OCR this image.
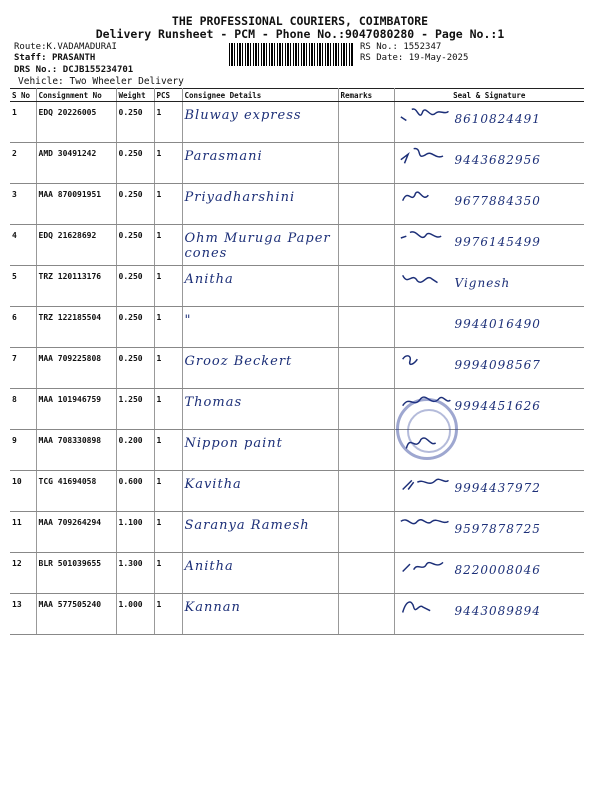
THE PROFESSIONAL COURIERS, COIMBATORE
Delivery Runsheet - PCM - Phone No.:9047080280 - Page No.:1
Route:K.VADAMADURAI
Staff: PRASANTH
DRS No.: DCJB155234701
RS No.: 1552347
RS Date: 19-May-2025
Vehicle: Two Wheeler Delivery
S No	Consignment No	Weight	PCS	Consignee Details	Remarks	Seal & Signature
1	EDQ 20226005	0.250	1	Bluway express		8610824491

2	AMD 30491242	0.250	1	Parasmani		9443682956

3	MAA 870091951	0.250	1	Priyadharshini		9677884350

4	EDQ 21628692	0.250	1	Ohm Muruga Paper cones		9976145499

5	TRZ 120113176	0.250	1	Anitha		Vignesh

6	TRZ 122185504	0.250	1	"		9944016490

7	MAA 709225808	0.250	1	Grooz Beckert		9994098567

8	MAA 101946759	1.250	1	Thomas		9994451626

9	MAA 708330898	0.200	1	Nippon paint		

10	TCG 41694058	0.600	1	Kavitha		9994437972

11	MAA 709264294	1.100	1	Saranya Ramesh		9597878725

12	BLR 501039655	1.300	1	Anitha		8220008046

13	MAA 577505240	1.000	1	Kannan		9443089894
